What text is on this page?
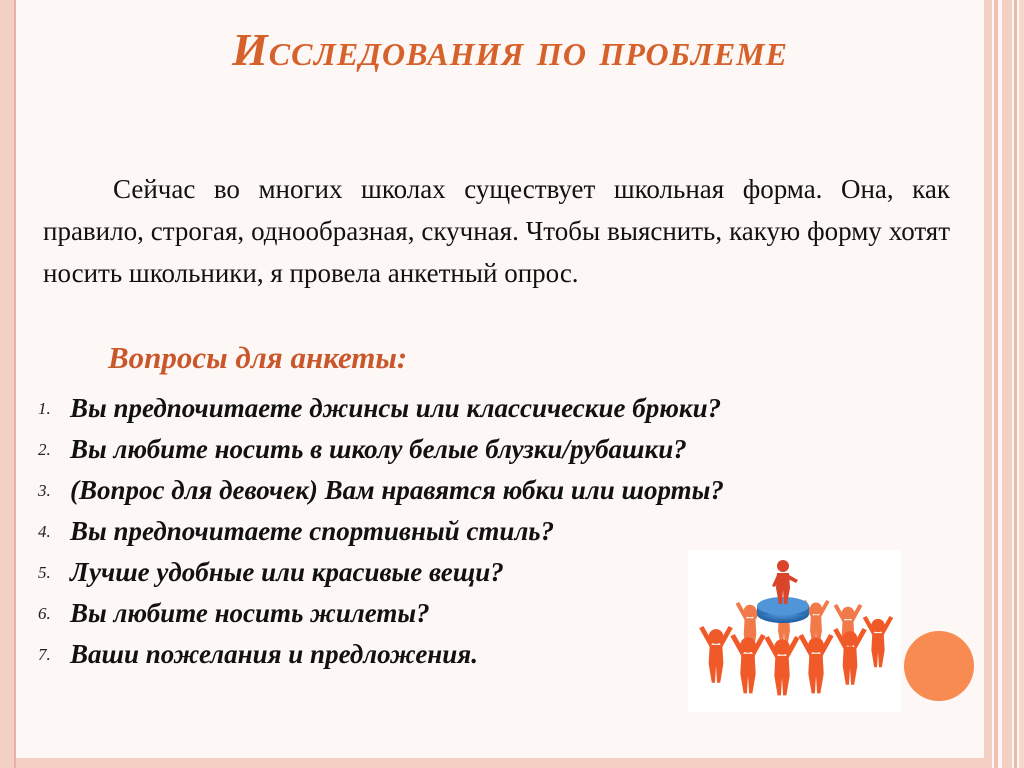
Исследования по проблеме
Сейчас во многих школах существует школьная форма. Она, как правило, строгая, однообразная, скучная. Чтобы выяснить, какую форму хотят носить школьники, я провела анкетный опрос.
Вопросы для анкеты:
1. Вы предпочитаете джинсы или классические брюки?
2. Вы любите носить в школу белые блузки/рубашки?
3. (Вопрос для девочек) Вам нравятся юбки или шорты?
4. Вы предпочитаете спортивный стиль?
5. Лучше удобные или красивые вещи?
6. Вы любите носить жилеты?
7. Ваши пожелания и предложения.
